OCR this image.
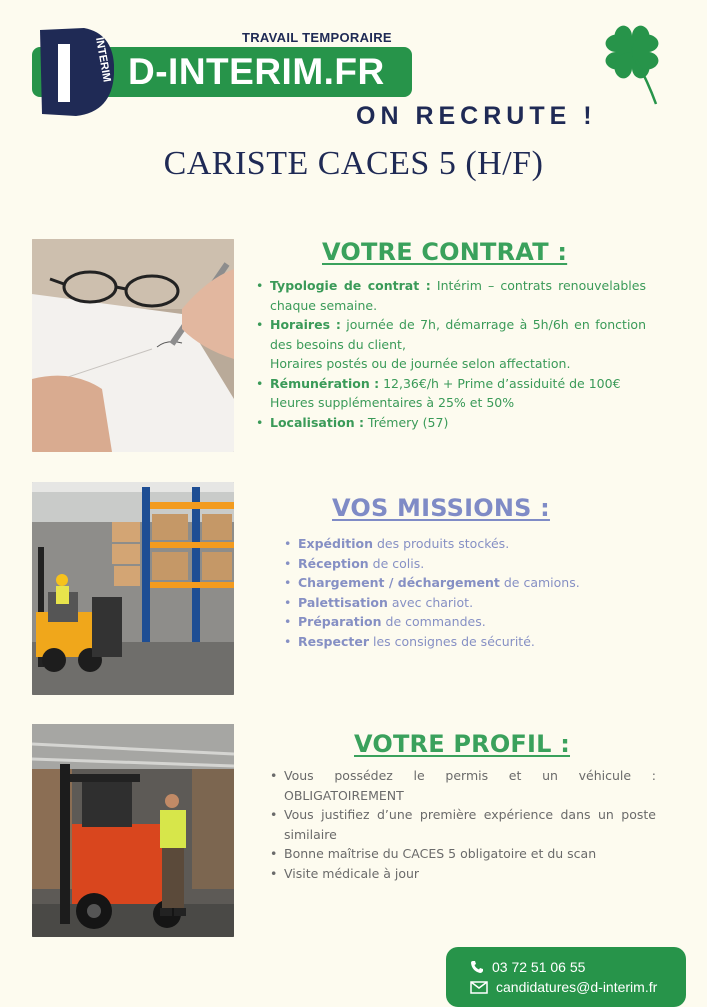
INTERIM D-INTERIM.FR
TRAVAIL TEMPORAIRE
ON RECRUTE !
CARISTE CACES 5 (H/F)
VOTRE CONTRAT :
• Typologie de contrat : Intérim – contrats renouvelables chaque semaine.
• Horaires : journée de 7h, démarrage à 5h/6h en fonction des besoins du client,
Horaires postés ou de journée selon affectation.
• Rémunération : 12,36€/h + Prime d’assiduité de 100€
Heures supplémentaires à 25% et 50%
• Localisation : Trémery (57)
VOS MISSIONS :
• Expédition des produits stockés.
• Réception de colis.
• Chargement / déchargement de camions.
• Palettisation avec chariot.
• Préparation de commandes.
• Respecter les consignes de sécurité.
VOTRE PROFIL :
• Vous possédez le permis et un véhicule : OBLIGATOIREMENT
• Vous justifiez d’une première expérience dans un poste similaire
• Bonne maîtrise du CACES 5 obligatoire et du scan
• Visite médicale à jour
03 72 51 06 55
candidatures@d-interim.fr
